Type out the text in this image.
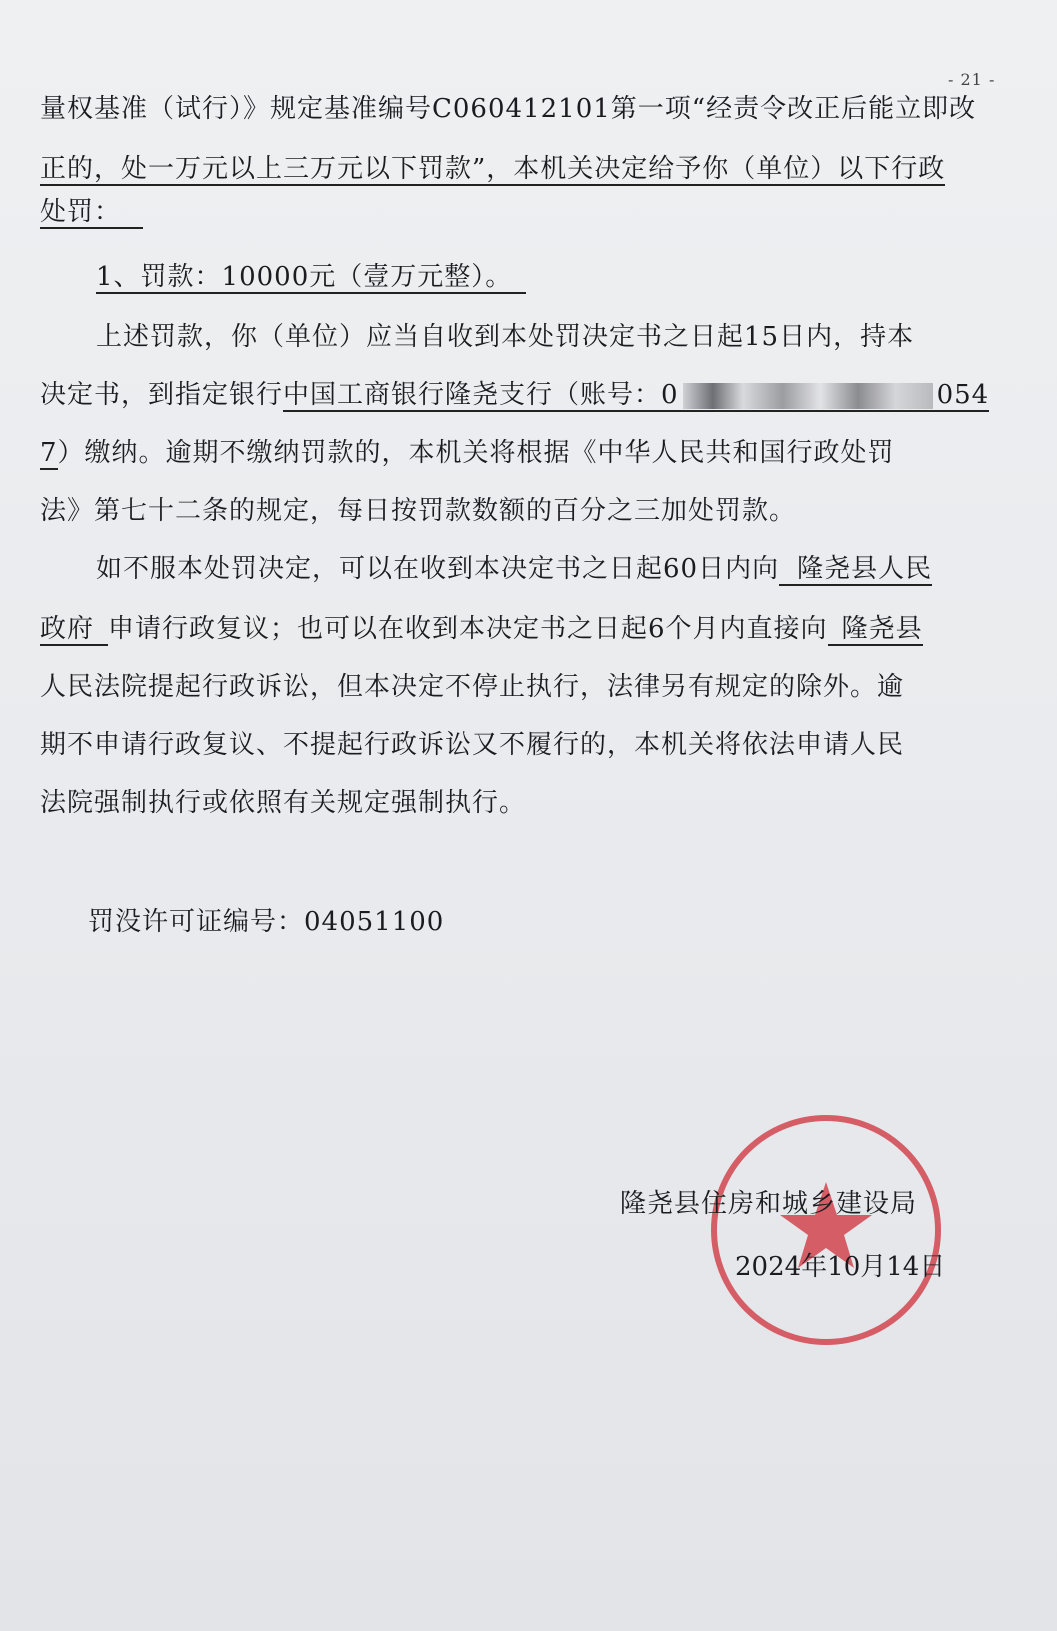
- 21 -
量权基准（试行）》规定基准编号C060412101第一项“经责令改正后能立即改
正的，处一万元以上三万元以下罚款”，本机关决定给予你（单位）以下行政
处罚：
1、罚款：10000元（壹万元整）。
上述罚款，你（单位）应当自收到本处罚决定书之日起15日内，持本
决定书，到指定银行中国工商银行隆尧支行（账号：0	054
7）缴纳。逾期不缴纳罚款的，本机关将根据《中华人民共和国行政处罚
法》第七十二条的规定，每日按罚款数额的百分之三加处罚款。
如不服本处罚决定，可以在收到本决定书之日起60日内向 隆尧县人民
政府 申请行政复议；也可以在收到本决定书之日起6个月内直接向 隆尧县
人民法院提起行政诉讼，但本决定不停止执行，法律另有规定的除外。逾
期不申请行政复议、不提起行政诉讼又不履行的，本机关将依法申请人民
法院强制执行或依照有关规定强制执行。
罚没许可证编号：04051100
隆尧县住房和城乡建设局
2024年10月14日
